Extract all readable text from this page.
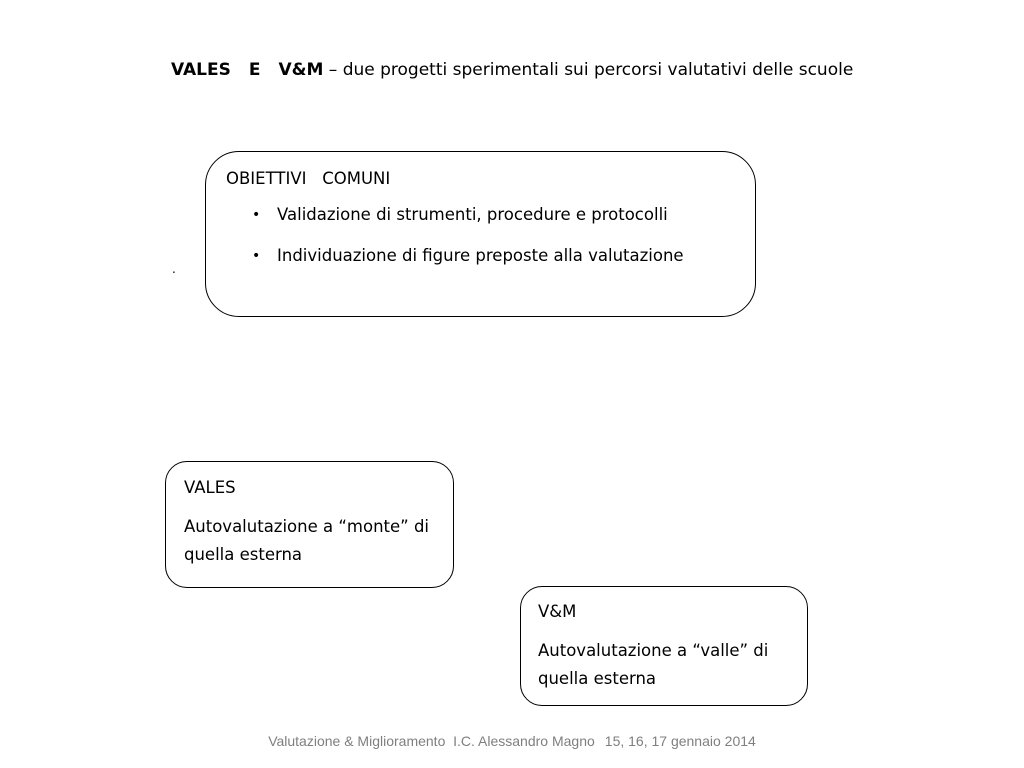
VALES E V&M – due progetti sperimentali sui percorsi valutativi delle scuole
.
OBIETTIVI   COMUNI
• Validazione di strumenti, procedure e protocolli
• Individuazione di figure preposte alla valutazione
VALES
Autovalutazione a “monte” di quella esterna
V&M
Autovalutazione a “valle” di quella esterna
Valutazione & Miglioramento  I.C. Alessandro Magno 15, 16, 17 gennaio 2014
